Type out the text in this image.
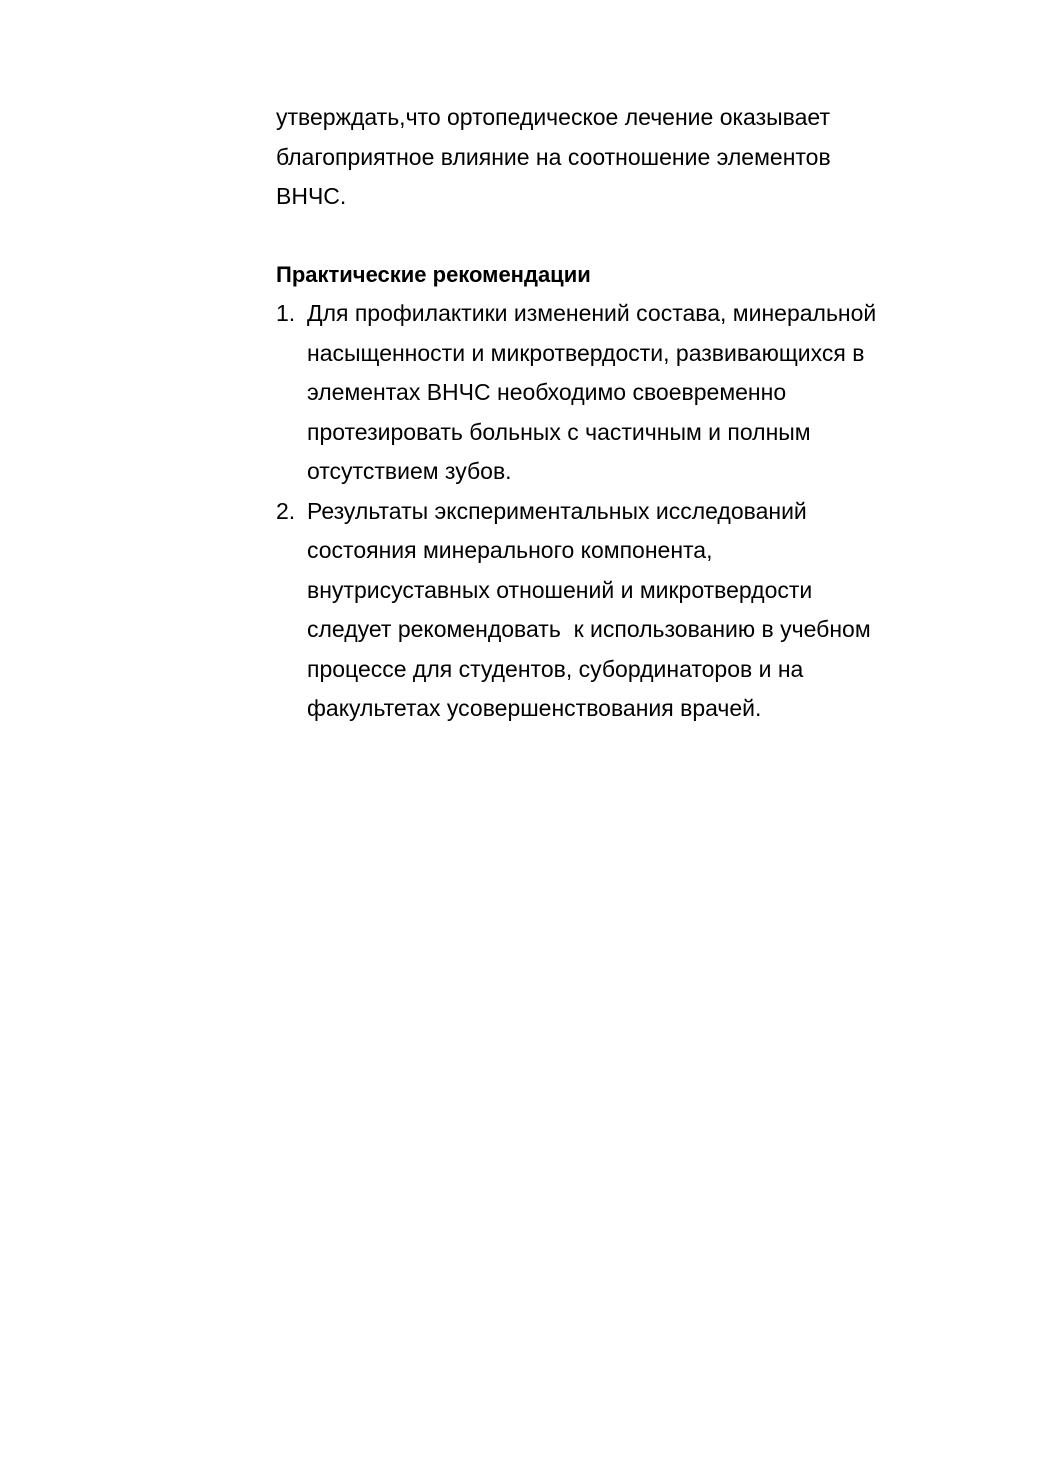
утверждать,что ортопедическое лечение оказывает
благоприятное влияние на соотношение элементов
ВНЧС.

Практические рекомендации
1. Для профилактики изменений состава, минеральной
насыщенности и микротвердости, развивающихся в
элементах ВНЧС необходимо своевременно
протезировать больных с частичным и полным
отсутствием зубов.
2. Результаты экспериментальных исследований
состояния минерального компонента,
внутрисуставных отношений и микротвердости
следует рекомендовать  к использованию в учебном
процессе для студентов, субординаторов и на
факультетах усовершенствования врачей.
